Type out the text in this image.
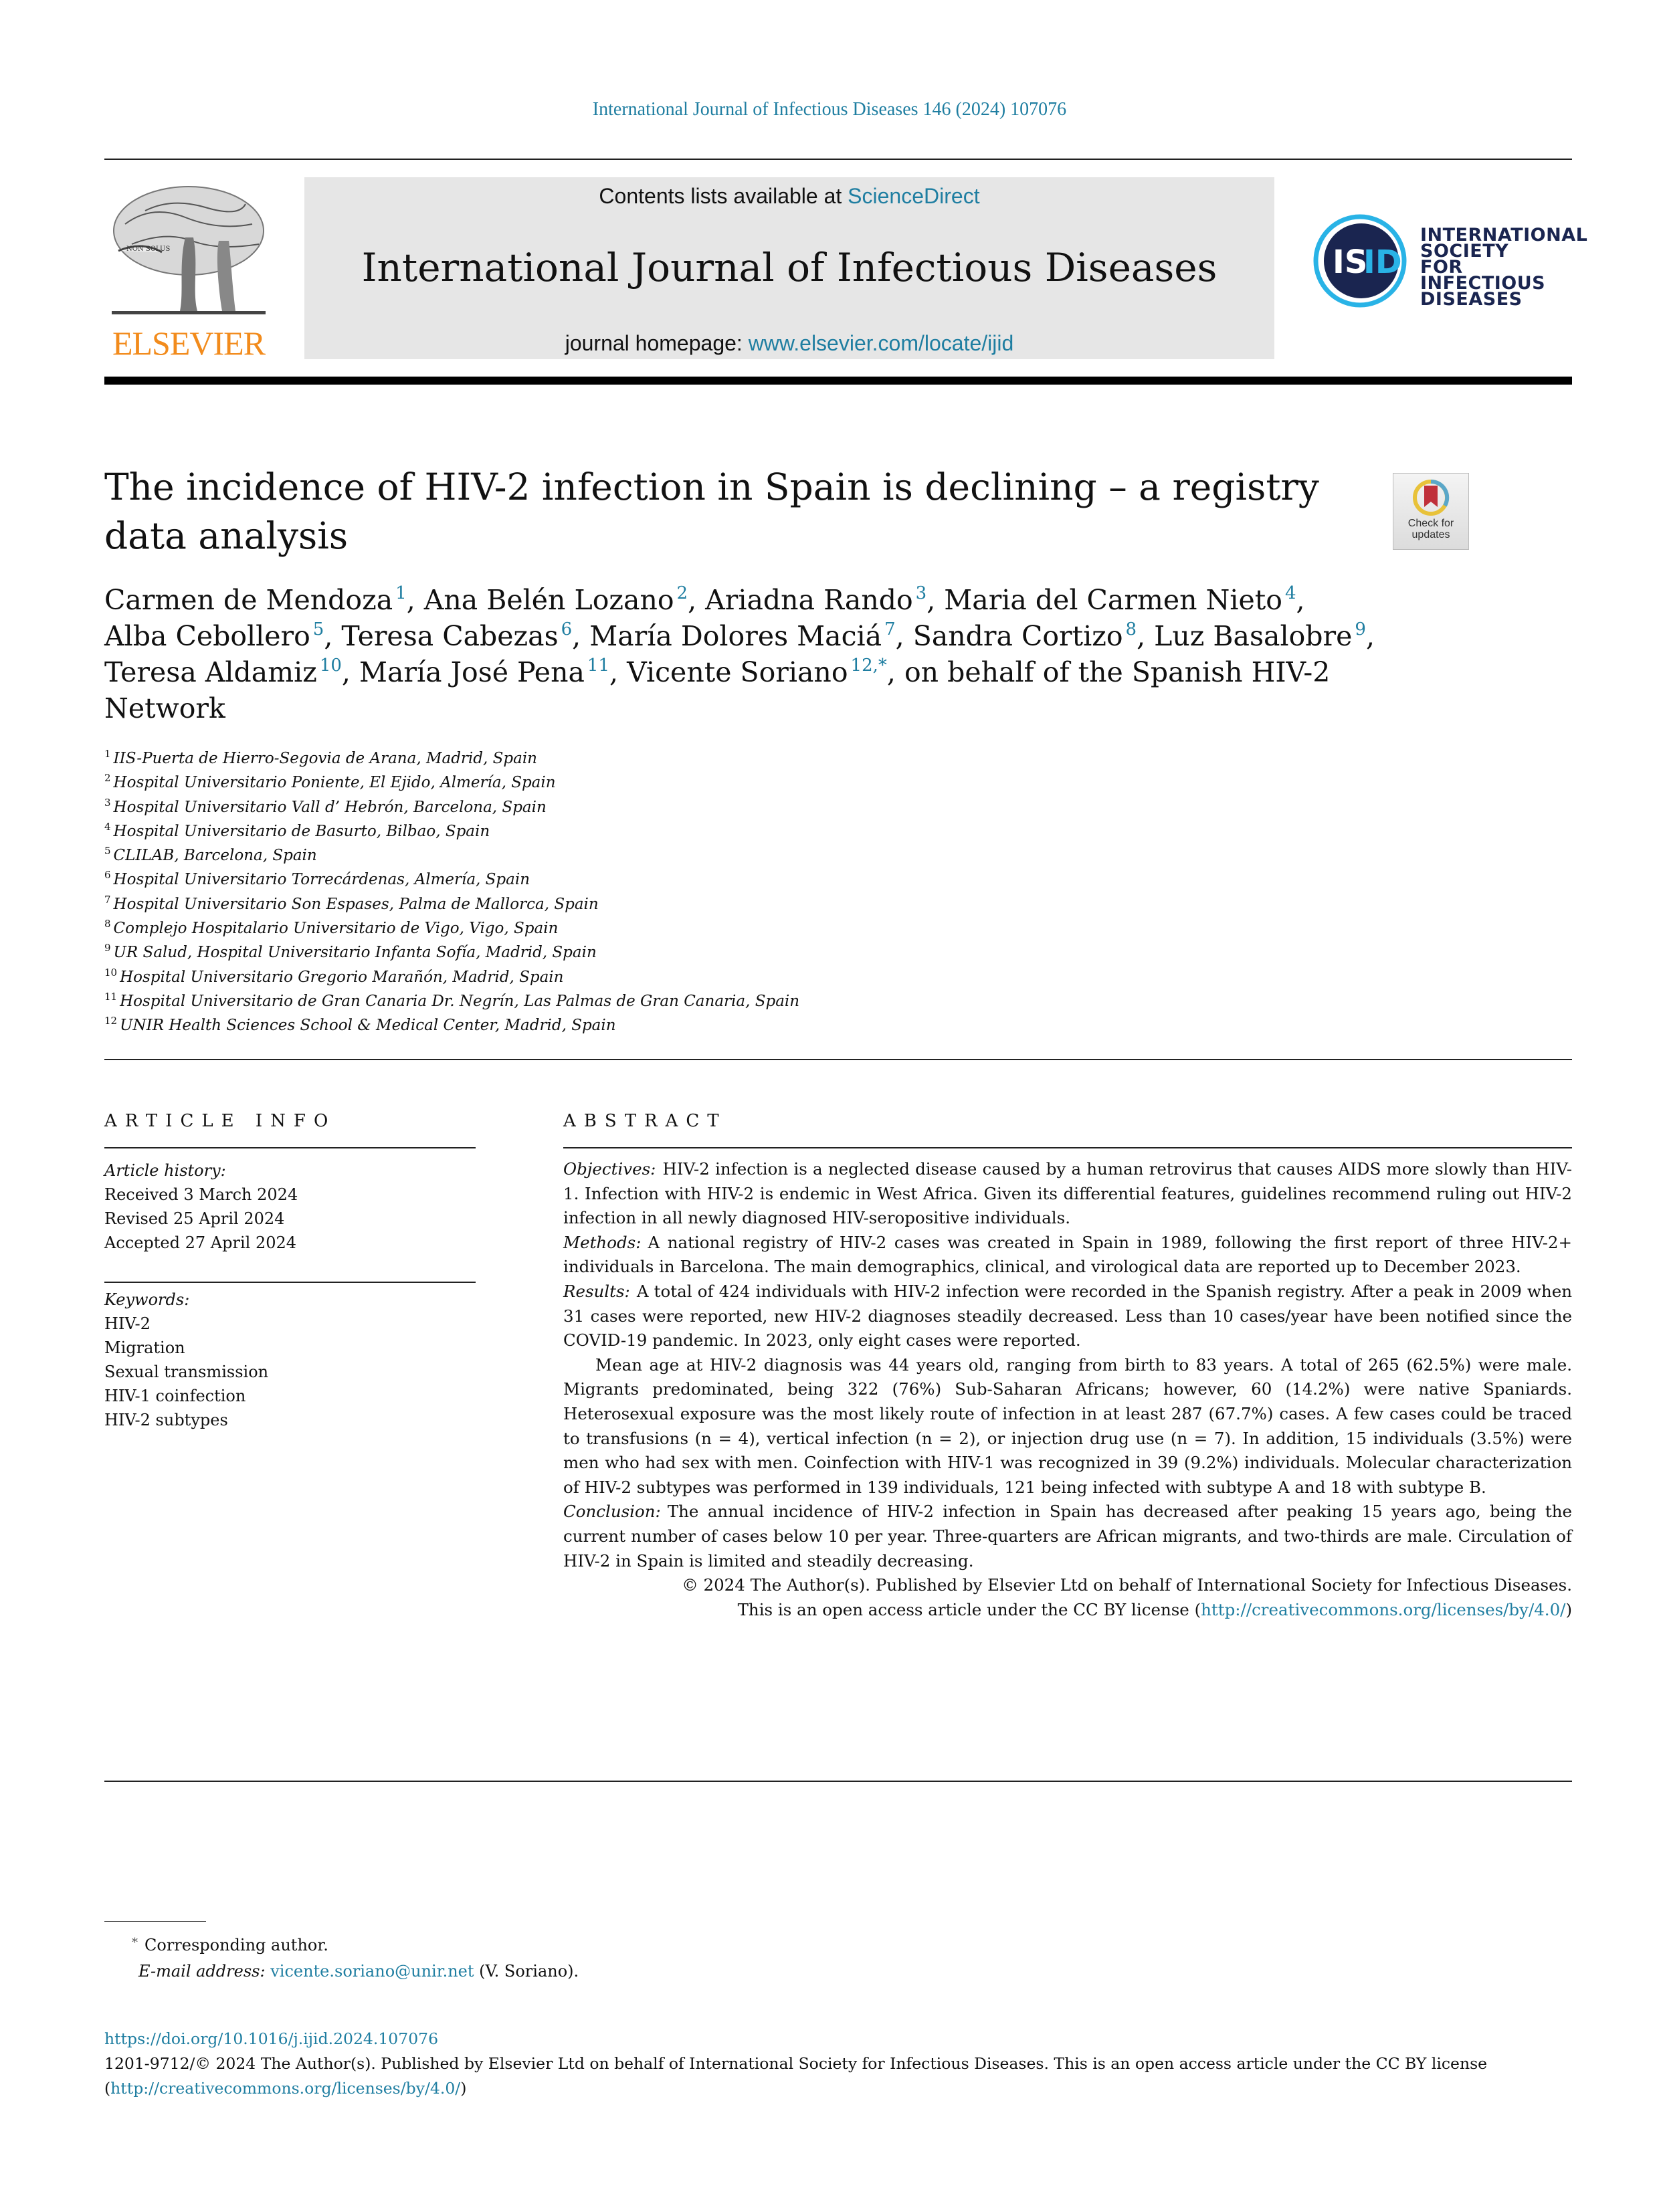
International Journal of Infectious Diseases 146 (2024) 107076
NON SOLUS
ELSEVIER
Contents lists available at ScienceDirect
International Journal of Infectious Diseases
journal homepage: www.elsevier.com/locate/ijid
IS
ID
INTERNATIONAL
SOCIETY
FOR INFECTIOUS
DISEASES
The incidence of HIV-2 infection in Spain is declining – a registry data analysis	Check for updates
Carmen de Mendoza $^1$, Ana Belén Lozano $^2$, Ariadna Rando $^3$, Maria del Carmen Nieto $^4$,
Alba Cebollero $^5$, Teresa Cabezas $^6$, María Dolores Maciá $^7$, Sandra Cortizo $^8$, Luz Basalobre $^9$,
Teresa Aldamiz $^{10}$, María José Pena $^{11}$, Vicente Soriano $^{12,*}$, on behalf of the Spanish HIV-2 Network
$^1$ IIS-Puerta de Hierro-Segovia de Arana, Madrid, Spain
$^2$ Hospital Universitario Poniente, El Ejido, Almería, Spain
$^3$ Hospital Universitario Vall d’ Hebrón, Barcelona, Spain
$^4$ Hospital Universitario de Basurto, Bilbao, Spain
$^5$ CLILAB, Barcelona, Spain
$^6$ Hospital Universitario Torrecárdenas, Almería, Spain
$^7$ Hospital Universitario Son Espases, Palma de Mallorca, Spain
$^8$ Complejo Hospitalario Universitario de Vigo, Vigo, Spain
$^9$ UR Salud, Hospital Universitario Infanta Sofía, Madrid, Spain
$^{10}$ Hospital Universitario Gregorio Marañón, Madrid, Spain
$^{11}$ Hospital Universitario de Gran Canaria Dr. Negrín, Las Palmas de Gran Canaria, Spain
$^{12}$ UNIR Health Sciences School & Medical Center, Madrid, Spain
ARTICLE INFO	ABSTRACT
Article history:
Received 3 March 2024
Revised 25 April 2024
Accepted 27 April 2024
Keywords:
HIV-2
Migration
Sexual transmission
HIV-1 coinfection
HIV-2 subtypes

Objectives: HIV-2 infection is a neglected disease caused by a human retrovirus that causes AIDS more slowly than HIV-1. Infection with HIV-2 is endemic in West Africa. Given its differential features, guidelines recommend ruling out HIV-2 infection in all newly diagnosed HIV-seropositive individuals.

Methods: A national registry of HIV-2 cases was created in Spain in 1989, following the first report of three HIV-2+ individuals in Barcelona. The main demographics, clinical, and virological data are reported up to December 2023.

Results: A total of 424 individuals with HIV-2 infection were recorded in the Spanish registry. After a peak in 2009 when 31 cases were reported, new HIV-2 diagnoses steadily decreased. Less than 10 cases/year have been notified since the COVID-19 pandemic. In 2023, only eight cases were reported.

Mean age at HIV-2 diagnosis was 44 years old, ranging from birth to 83 years. A total of 265 (62.5%) were male. Migrants predominated, being 322 (76%) Sub-Saharan Africans; however, 60 (14.2%) were native Spaniards. Heterosexual exposure was the most likely route of infection in at least 287 (67.7%) cases. A few cases could be traced to transfusions (n = 4), vertical infection (n = 2), or injection drug use (n = 7). In addition, 15 individuals (3.5%) were men who had sex with men. Coinfection with HIV-1 was recognized in 39 (9.2%) individuals. Molecular characterization of HIV-2 subtypes was performed in 139 individuals, 121 being infected with subtype A and 18 with subtype B.

Conclusion: The annual incidence of HIV-2 infection in Spain has decreased after peaking 15 years ago, being the current number of cases below 10 per year. Three-quarters are African migrants, and two-thirds are male. Circulation of HIV-2 in Spain is limited and steadily decreasing.

© 2024 The Author(s). Published by Elsevier Ltd on behalf of International Society for Infectious Diseases.

This is an open access article under the CC BY license (http://creativecommons.org/licenses/by/4.0/)

* Corresponding author.
E-mail address: vicente.soriano@unir.net (V. Soriano).
https://doi.org/10.1016/j.ijid.2024.107076
1201-9712/© 2024 The Author(s). Published by Elsevier Ltd on behalf of International Society for Infectious Diseases. This is an open access article under the CC BY license
(http://creativecommons.org/licenses/by/4.0/)
